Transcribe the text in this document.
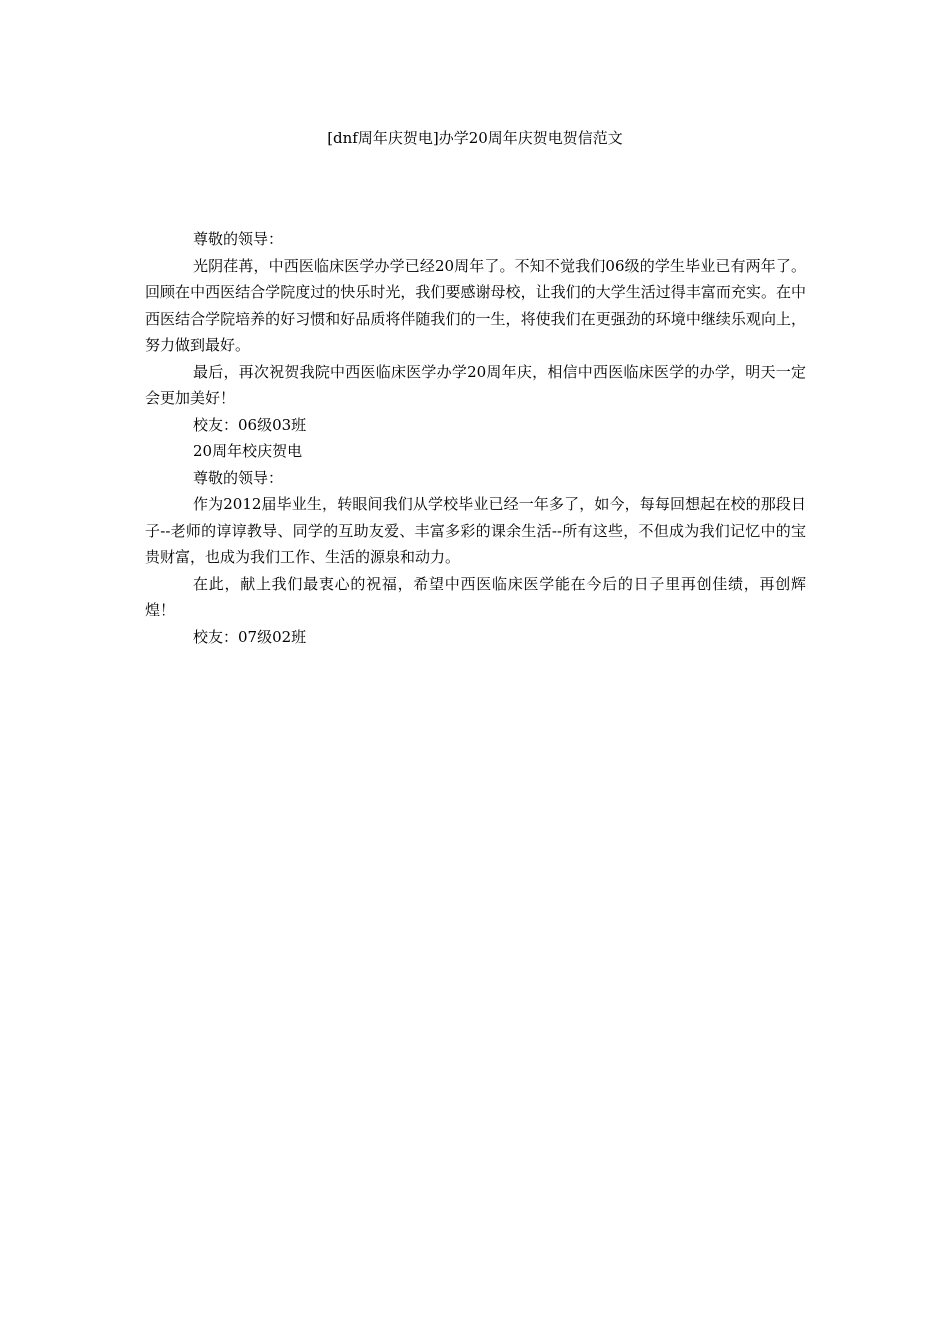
[dnf周年庆贺电]办学20周年庆贺电贺信范文

尊敬的领导：

光阴荏苒，中西医临床医学办学已经20周年了。不知不觉我们06级的学生毕业已有两年了。回顾在中西医结合学院度过的快乐时光，我们要感谢母校，让我们的大学生活过得丰富而充实。在中西医结合学院培养的好习惯和好品质将伴随我们的一生，将使我们在更强劲的环境中继续乐观向上，努力做到最好。

最后，再次祝贺我院中西医临床医学办学20周年庆，相信中西医临床医学的办学，明天一定会更加美好！

校友：06级03班

20周年校庆贺电

尊敬的领导：

作为2012届毕业生，转眼间我们从学校毕业已经一年多了，如今，每每回想起在校的那段日子--老师的谆谆教导、同学的互助友爱、丰富多彩的课余生活--所有这些，不但成为我们记忆中的宝贵财富，也成为我们工作、生活的源泉和动力。

在此，献上我们最衷心的祝福，希望中西医临床医学能在今后的日子里再创佳绩，再创辉煌！

校友：07级02班
